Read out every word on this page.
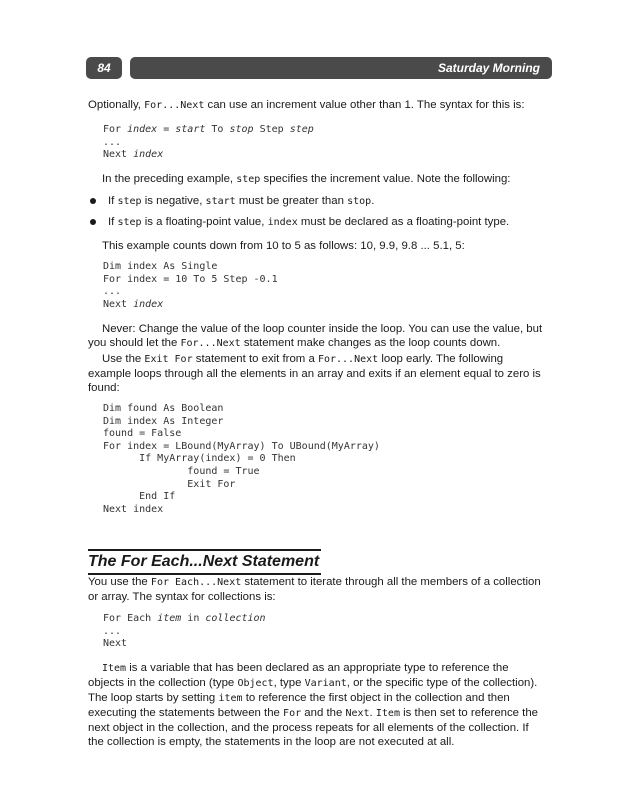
84	Saturday Morning

Optionally, For...Next can use an increment value other than 1. The syntax for this is:

For index = start To stop Step step
...
Next index

In the preceding example, step specifies the increment value. Note the following:

If step is negative, start must be greater than stop.
If step is a floating-point value, index must be declared as a floating-point type.

This example counts down from 10 to 5 as follows: 10, 9.9, 9.8 ... 5.1, 5:

Dim index As Single
For index = 10 To 5 Step -0.1
...
Next index

Never: Change the value of the loop counter inside the loop. You can use the value, but you should let the For...Next statement make changes as the loop counts down.

Use the Exit For statement to exit from a For...Next loop early. The following example loops through all the elements in an array and exits if an element equal to zero is found:

Dim found As Boolean
Dim index As Integer
found = False
For index = LBound(MyArray) To UBound(MyArray)
If MyArray(index) = 0 Then
found = True
Exit For
End If
Next index
The For Each...Next Statement

You use the For Each...Next statement to iterate through all the members of a collection or array. The syntax for collections is:

For Each item in collection
...
Next

Item is a variable that has been declared as an appropriate type to reference the objects in the collection (type Object, type Variant, or the specific type of the collection). The loop starts by setting item to reference the first object in the collection and then executing the statements between the For and the Next. Item is then set to reference the next object in the collection, and the process repeats for all elements of the collection. If the collection is empty, the statements in the loop are not executed at all.
